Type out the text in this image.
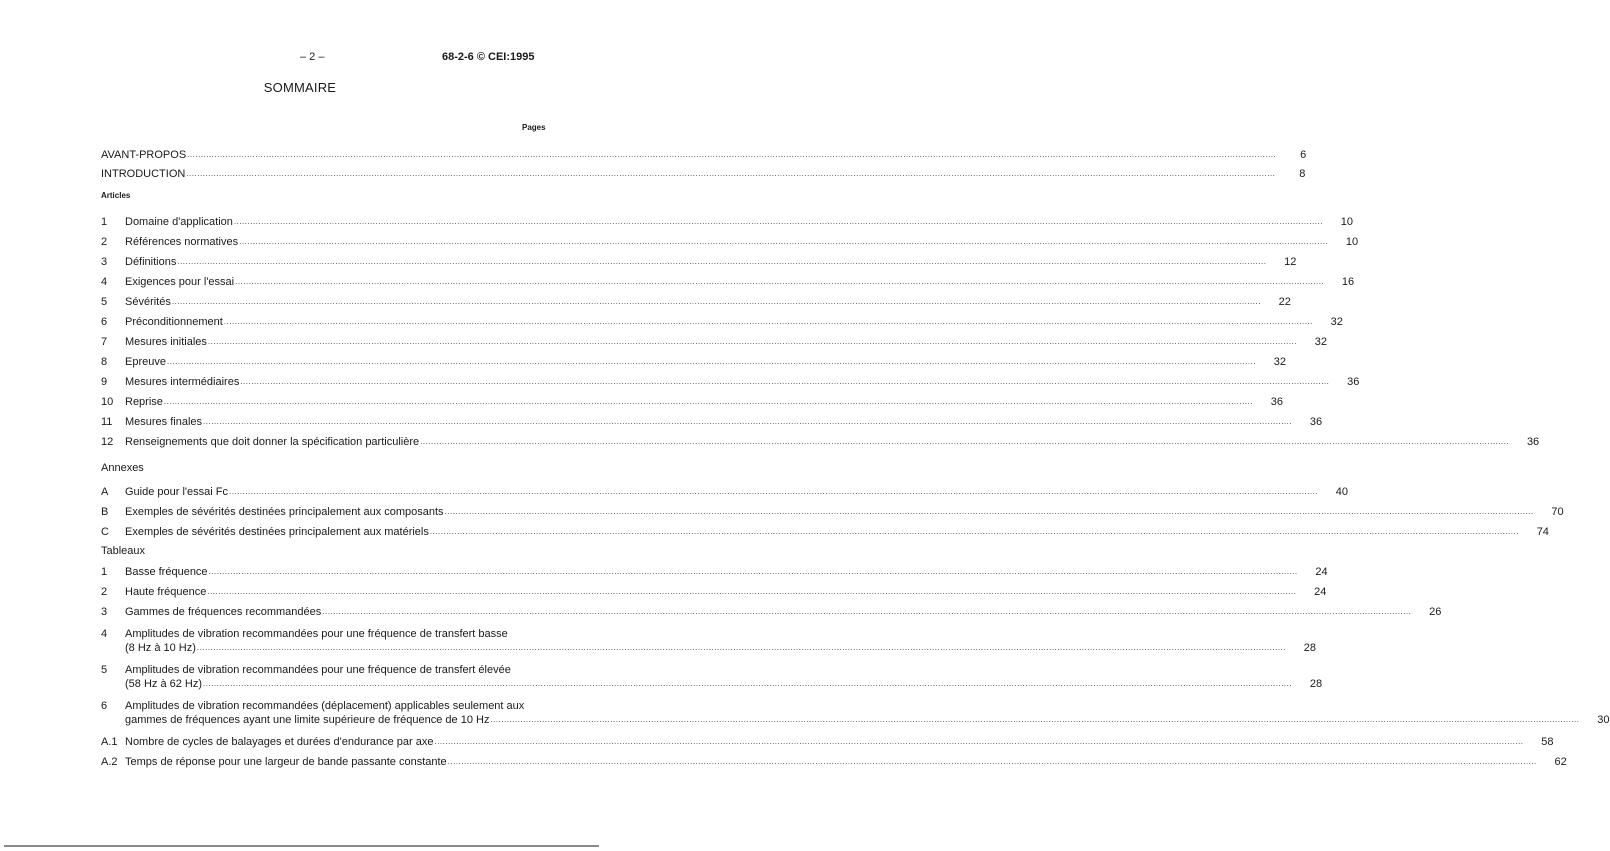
– 2 –	68-2-6 © CEI:1995
SOMMAIRE
Pages
AVANT-PROPOS ................................................................................................................................................................................................................................................................................................................................................................................................................	6
INTRODUCTION ................................................................................................................................................................................................................................................................................................................................................................................................................	8
Articles
1	Domaine d'application ................................................................................................................................................................................................................................................................................................................................................................................................................	10
2	Références normatives ................................................................................................................................................................................................................................................................................................................................................................................................................	10
3	Définitions ................................................................................................................................................................................................................................................................................................................................................................................................................	12
4	Exigences pour l'essai ................................................................................................................................................................................................................................................................................................................................................................................................................	16
5	Sévérités ................................................................................................................................................................................................................................................................................................................................................................................................................	22
6	Préconditionnement ................................................................................................................................................................................................................................................................................................................................................................................................................	32
7	Mesures initiales ................................................................................................................................................................................................................................................................................................................................................................................................................	32
8	Epreuve ................................................................................................................................................................................................................................................................................................................................................................................................................	32
9	Mesures intermédiaires ................................................................................................................................................................................................................................................................................................................................................................................................................	36
10	Reprise ................................................................................................................................................................................................................................................................................................................................................................................................................	36
11	Mesures finales ................................................................................................................................................................................................................................................................................................................................................................................................................	36
12	Renseignements que doit donner la spécification particulière ................................................................................................................................................................................................................................................................................................................................................................................................................	36
Annexes
A	Guide pour l'essai Fc ................................................................................................................................................................................................................................................................................................................................................................................................................	40
B	Exemples de sévérités destinées principalement aux composants ................................................................................................................................................................................................................................................................................................................................................................................................................	70
C	Exemples de sévérités destinées principalement aux matériels ................................................................................................................................................................................................................................................................................................................................................................................................................	74
Tableaux
1	Basse fréquence ................................................................................................................................................................................................................................................................................................................................................................................................................	24
2	Haute fréquence ................................................................................................................................................................................................................................................................................................................................................................................................................	24
3	Gammes de fréquences recommandées ................................................................................................................................................................................................................................................................................................................................................................................................................	26
4	Amplitudes de vibration recommandées pour une fréquence de transfert basse
(8 Hz à 10 Hz) ................................................................................................................................................................................................................................................................................................................................................................................................................	28
5	Amplitudes de vibration recommandées pour une fréquence de transfert élevée
(58 Hz à 62 Hz) ................................................................................................................................................................................................................................................................................................................................................................................................................	28
6	Amplitudes de vibration recommandées (déplacement) applicables seulement aux
gammes de fréquences ayant une limite supérieure de fréquence de 10 Hz ................................................................................................................................................................................................................................................................................................................................................................................................................	30
A.1 Nombre de cycles de balayages et durées d'endurance par axe ................................................................................................................................................................................................................................................................................................................................................................................................................	58
A.2 Temps de réponse pour une largeur de bande passante constante ................................................................................................................................................................................................................................................................................................................................................................................................................	62
